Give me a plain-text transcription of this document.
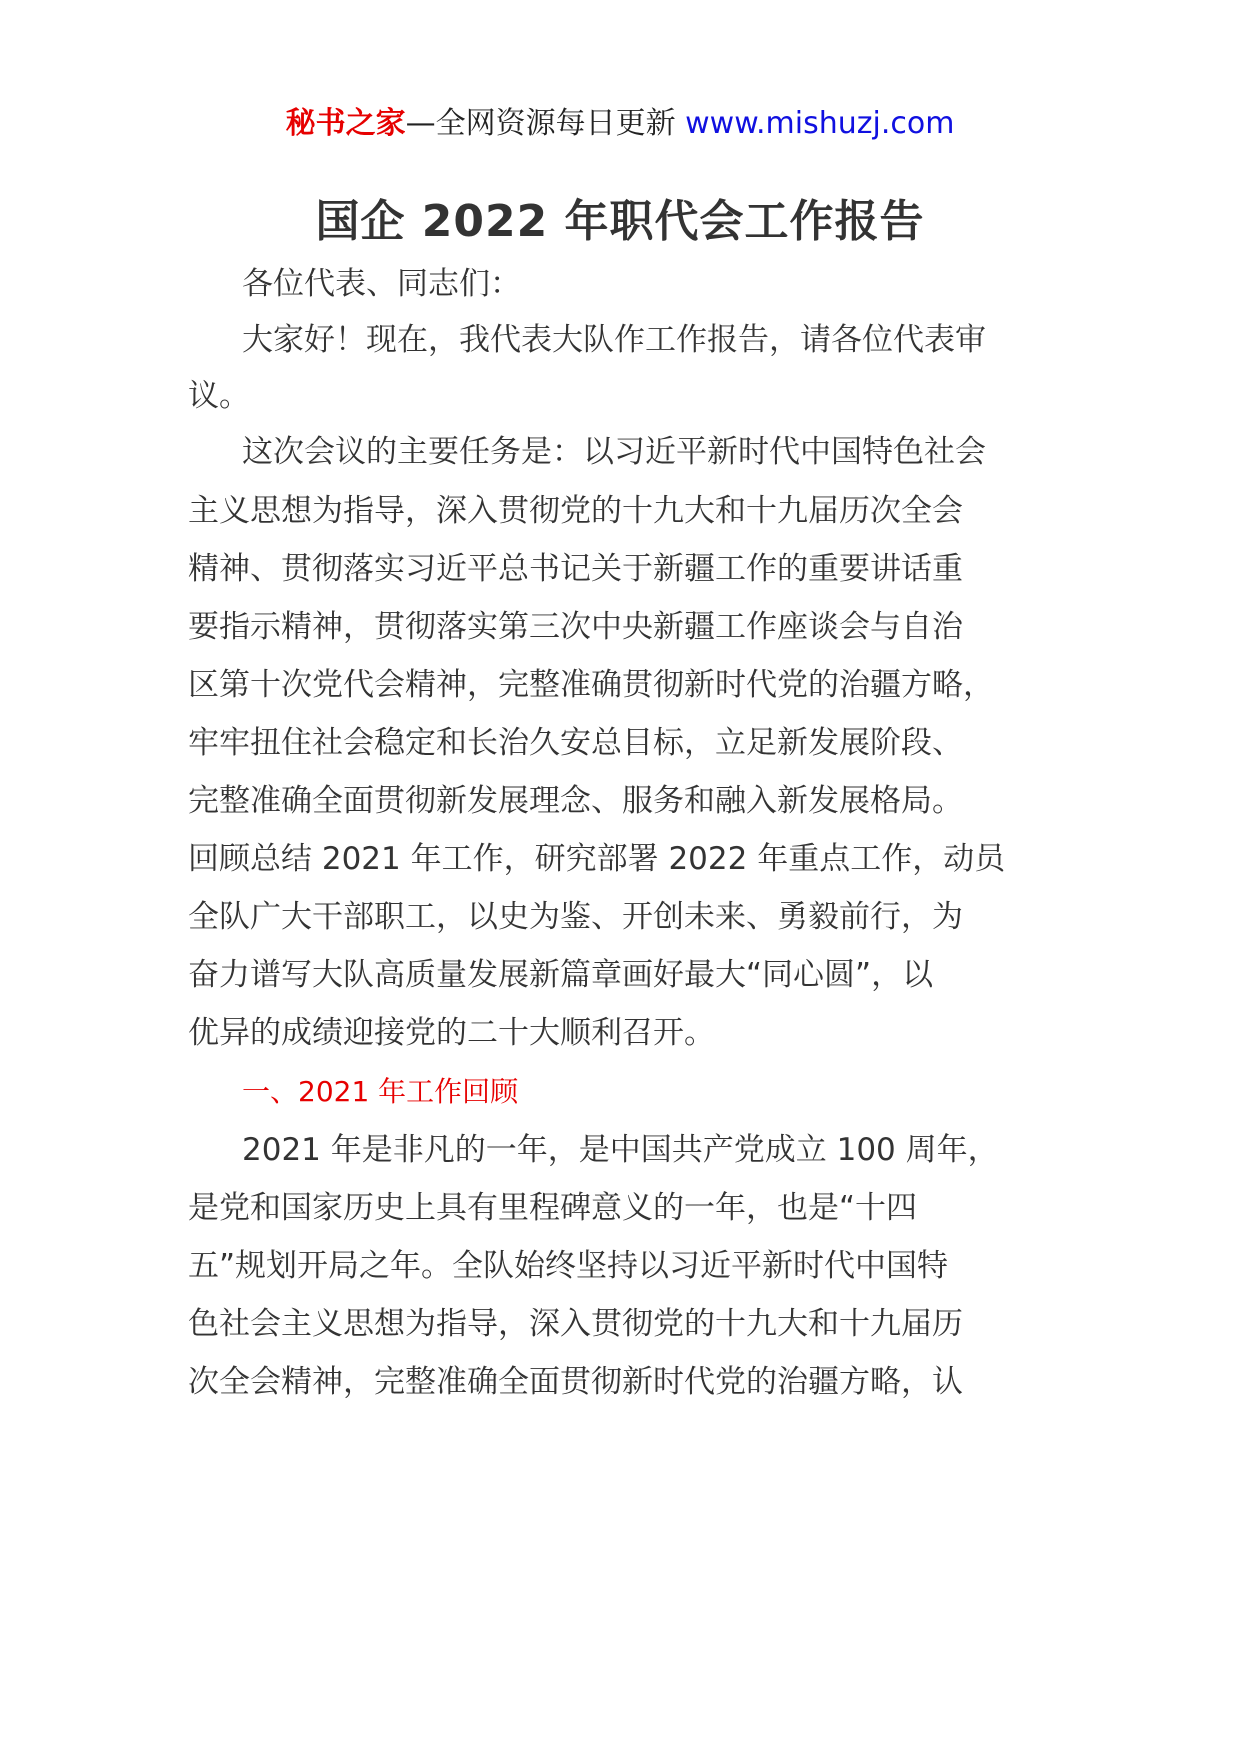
秘书之家—全网资源每日更新 www.mishuzj.com
国企 2022 年职代会工作报告
各位代表、同志们：
大家好！现在，我代表大队作工作报告，请各位代表审
议。
这次会议的主要任务是：以习近平新时代中国特色社会
主义思想为指导，深入贯彻党的十九大和十九届历次全会
精神、贯彻落实习近平总书记关于新疆工作的重要讲话重
要指示精神，贯彻落实第三次中央新疆工作座谈会与自治
区第十次党代会精神，完整准确贯彻新时代党的治疆方略，
牢牢扭住社会稳定和长治久安总目标，立足新发展阶段、
完整准确全面贯彻新发展理念、服务和融入新发展格局。
回顾总结 2021 年工作，研究部署 2022 年重点工作，动员
全队广大干部职工，以史为鉴、开创未来、勇毅前行，为
奋力谱写大队高质量发展新篇章画好最大“同心圆”，以
优异的成绩迎接党的二十大顺利召开。
一、2021 年工作回顾
2021 年是非凡的一年，是中国共产党成立 100 周年，
是党和国家历史上具有里程碑意义的一年，也是“十四
五”规划开局之年。全队始终坚持以习近平新时代中国特
色社会主义思想为指导，深入贯彻党的十九大和十九届历
次全会精神，完整准确全面贯彻新时代党的治疆方略，认
